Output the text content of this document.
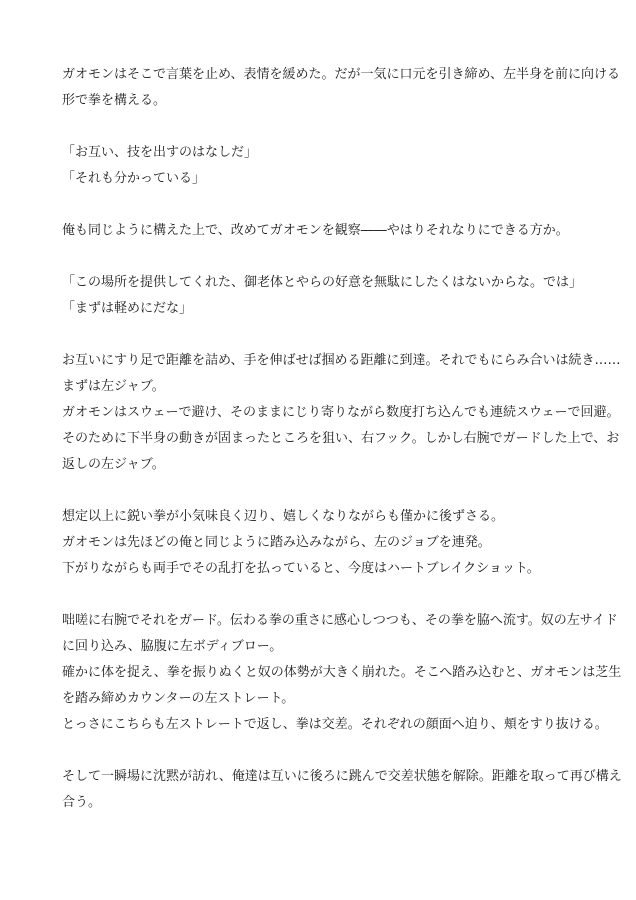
ガオモンはそこで言葉を止め、表情を緩めた。だが一気に口元を引き締め、左半身を前に向ける
形で拳を構える。

「お互い、技を出すのはなしだ」
「それも分かっている」

俺も同じように構えた上で、改めてガオモンを観察――やはりそれなりにできる方か。

「この場所を提供してくれた、御老体とやらの好意を無駄にしたくはないからな。では」
「まずは軽めにだな」

お互いにすり足で距離を詰め、手を伸ばせば掴める距離に到達。それでもにらみ合いは続き……
まずは左ジャブ。
ガオモンはスウェーで避け、そのままにじり寄りながら数度打ち込んでも連続スウェーで回避。
そのために下半身の動きが固まったところを狙い、右フック。しかし右腕でガードした上で、お
返しの左ジャブ。

想定以上に鋭い拳が小気味良く辺り、嬉しくなりながらも僅かに後ずさる。
ガオモンは先ほどの俺と同じように踏み込みながら、左のジョブを連発。
下がりながらも両手でその乱打を払っていると、今度はハートブレイクショット。

咄嗟に右腕でそれをガード。伝わる拳の重さに感心しつつも、その拳を脇へ流す。奴の左サイド
に回り込み、脇腹に左ボディブロー。
確かに体を捉え、拳を振りぬくと奴の体勢が大きく崩れた。そこへ踏み込むと、ガオモンは芝生
を踏み締めカウンターの左ストレート。
とっさにこちらも左ストレートで返し、拳は交差。それぞれの顔面へ迫り、頬をすり抜ける。

そして一瞬場に沈黙が訪れ、俺達は互いに後ろに跳んで交差状態を解除。距離を取って再び構え
合う。
